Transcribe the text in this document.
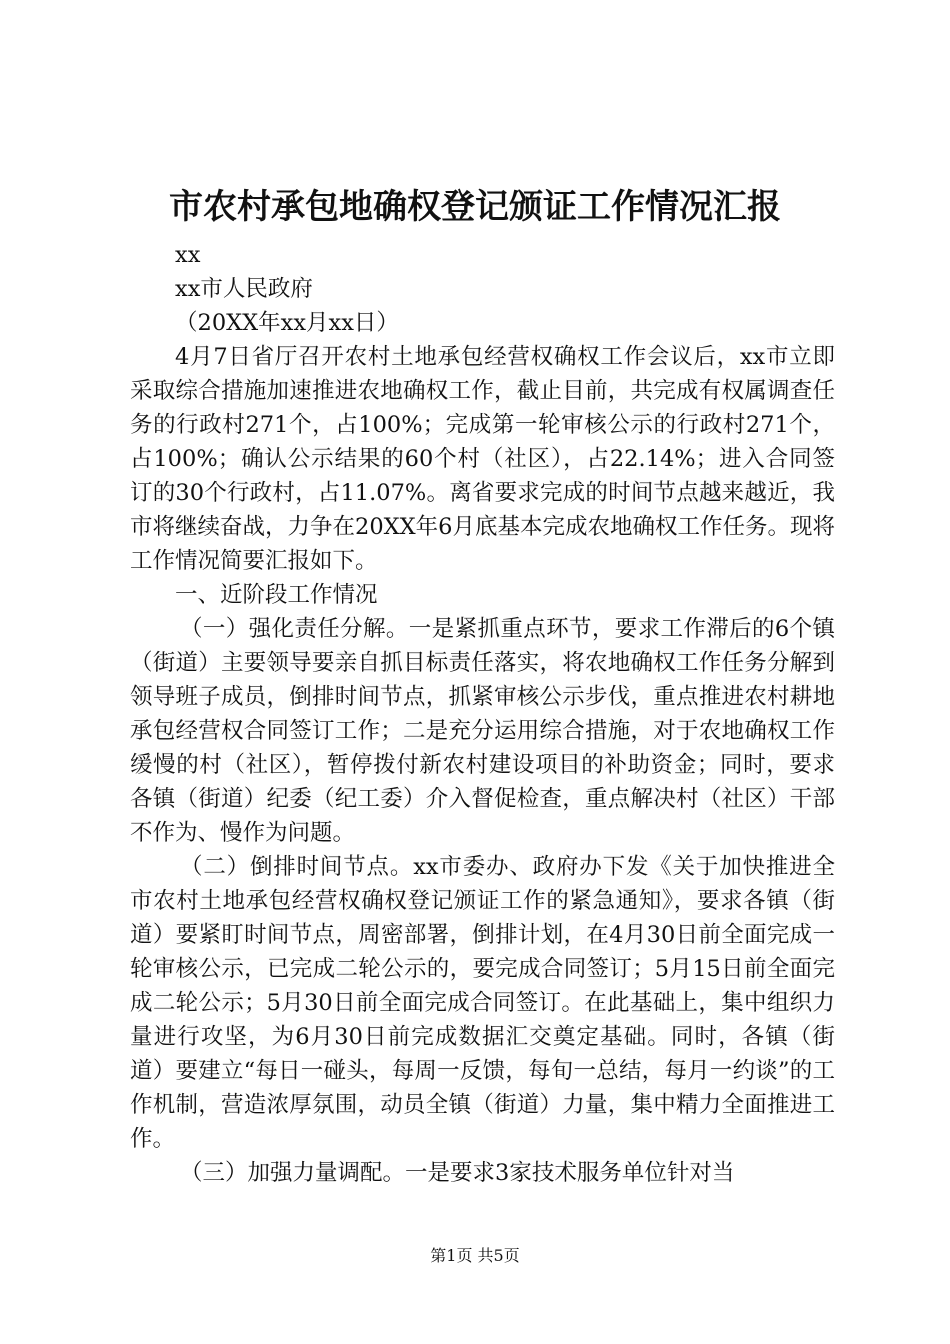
市农村承包地确权登记颁证工作情况汇报

xx

xx市人民政府

（20XX年xx月xx日）

4月7日省厅召开农村土地承包经营权确权工作会议后，xx市立即采取综合措施加速推进农地确权工作，截止目前，共完成有权属调查任务的行政村271个，占100%；完成第一轮审核公示的行政村271个，占100%；确认公示结果的60个村（社区），占22.14%；进入合同签订的30个行政村，占11.07%。离省要求完成的时间节点越来越近，我市将继续奋战，力争在20XX年6月底基本完成农地确权工作任务。现将工作情况简要汇报如下。

一、近阶段工作情况

（一）强化责任分解。一是紧抓重点环节，要求工作滞后的6个镇（街道）主要领导要亲自抓目标责任落实，将农地确权工作任务分解到领导班子成员，倒排时间节点，抓紧审核公示步伐，重点推进农村耕地承包经营权合同签订工作；二是充分运用综合措施，对于农地确权工作缓慢的村（社区），暂停拨付新农村建设项目的补助资金；同时，要求各镇（街道）纪委（纪工委）介入督促检查，重点解决村（社区）干部不作为、慢作为问题。

（二）倒排时间节点。xx市委办、政府办下发《关于加快推进全市农村土地承包经营权确权登记颁证工作的紧急通知》，要求各镇（街道）要紧盯时间节点，周密部署，倒排计划，在4月30日前全面完成一轮审核公示，已完成二轮公示的，要完成合同签订；5月15日前全面完成二轮公示；5月30日前全面完成合同签订。在此基础上，集中组织力量进行攻坚，为6月30日前完成数据汇交奠定基础。同时，各镇（街道）要建立“每日一碰头，每周一反馈，每旬一总结，每月一约谈”的工作机制，营造浓厚氛围，动员全镇（街道）力量，集中精力全面推进工作。

（三）加强力量调配。一是要求3家技术服务单位针对当

第1页 共5页
